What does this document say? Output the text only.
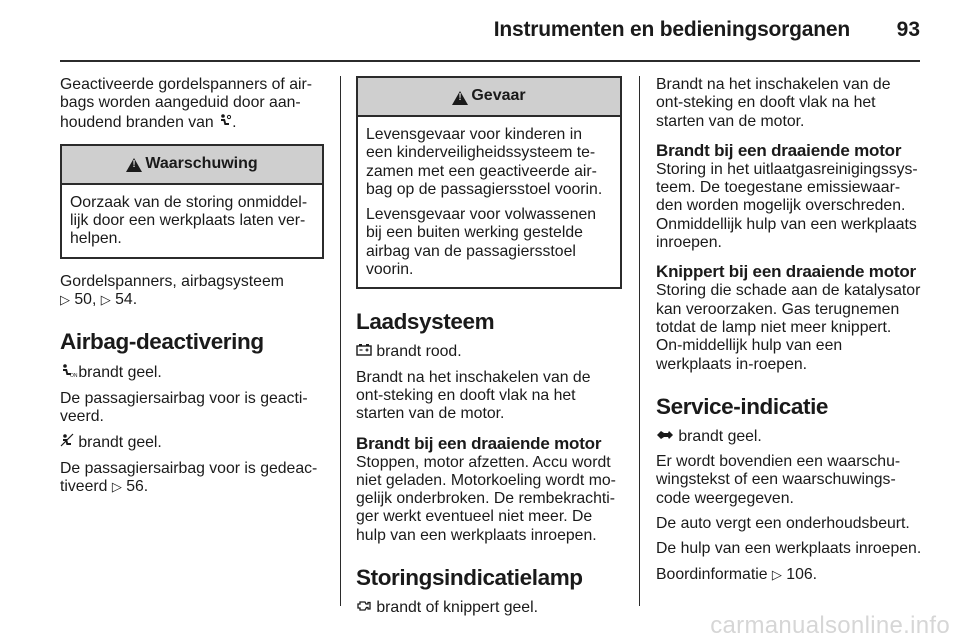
Instrumenten en bedieningsorganen 93

Geactiveerde gordelspanners of air-bags worden aangeduid door aan-houdend branden van .

!
Waarschuwing

Oorzaak van de storing onmiddel-lijk door een werkplaats laten ver-helpen.

Gordelspanners, airbagsysteem
▷ 50, ▷ 54.

Airbag-deactivering

ON brandt geel.

De passagiersairbag voor is geacti-veerd.

brandt geel.

De passagiersairbag voor is gedeac-tiveerd ▷ 56.

!
Gevaar

Levensgevaar voor kinderen in een kinderveiligheidssysteem te-zamen met een geactiveerde air-bag op de passagiersstoel voorin.

Levensgevaar voor volwassenen bij een buiten werking gestelde airbag van de passagiersstoel voorin.

Laadsysteem

brandt rood.

Brandt na het inschakelen van de ont-steking en dooft vlak na het starten van de motor.

Brandt bij een draaiende motor

Stoppen, motor afzetten. Accu wordt niet geladen. Motorkoeling wordt mo-gelijk onderbroken. De rembekrachti-ger werkt eventueel niet meer. De hulp van een werkplaats inroepen.

Storingsindicatielamp

brandt of knippert geel.

Brandt na het inschakelen van de ont-steking en dooft vlak na het starten van de motor.

Brandt bij een draaiende motor

Storing in het uitlaatgasreinigingssys-teem. De toegestane emissiewaar-den worden mogelijk overschreden. Onmiddellijk hulp van een werkplaats inroepen.

Knippert bij een draaiende motor

Storing die schade aan de katalysator kan veroorzaken. Gas terugnemen totdat de lamp niet meer knippert. On-middellijk hulp van een werkplaats in-roepen.

Service-indicatie

brandt geel.

Er wordt bovendien een waarschu-wingstekst of een waarschuwings-code weergegeven.

De auto vergt een onderhoudsbeurt.

De hulp van een werkplaats inroepen.

Boordinformatie ▷ 106.

carmanualsonline.info
